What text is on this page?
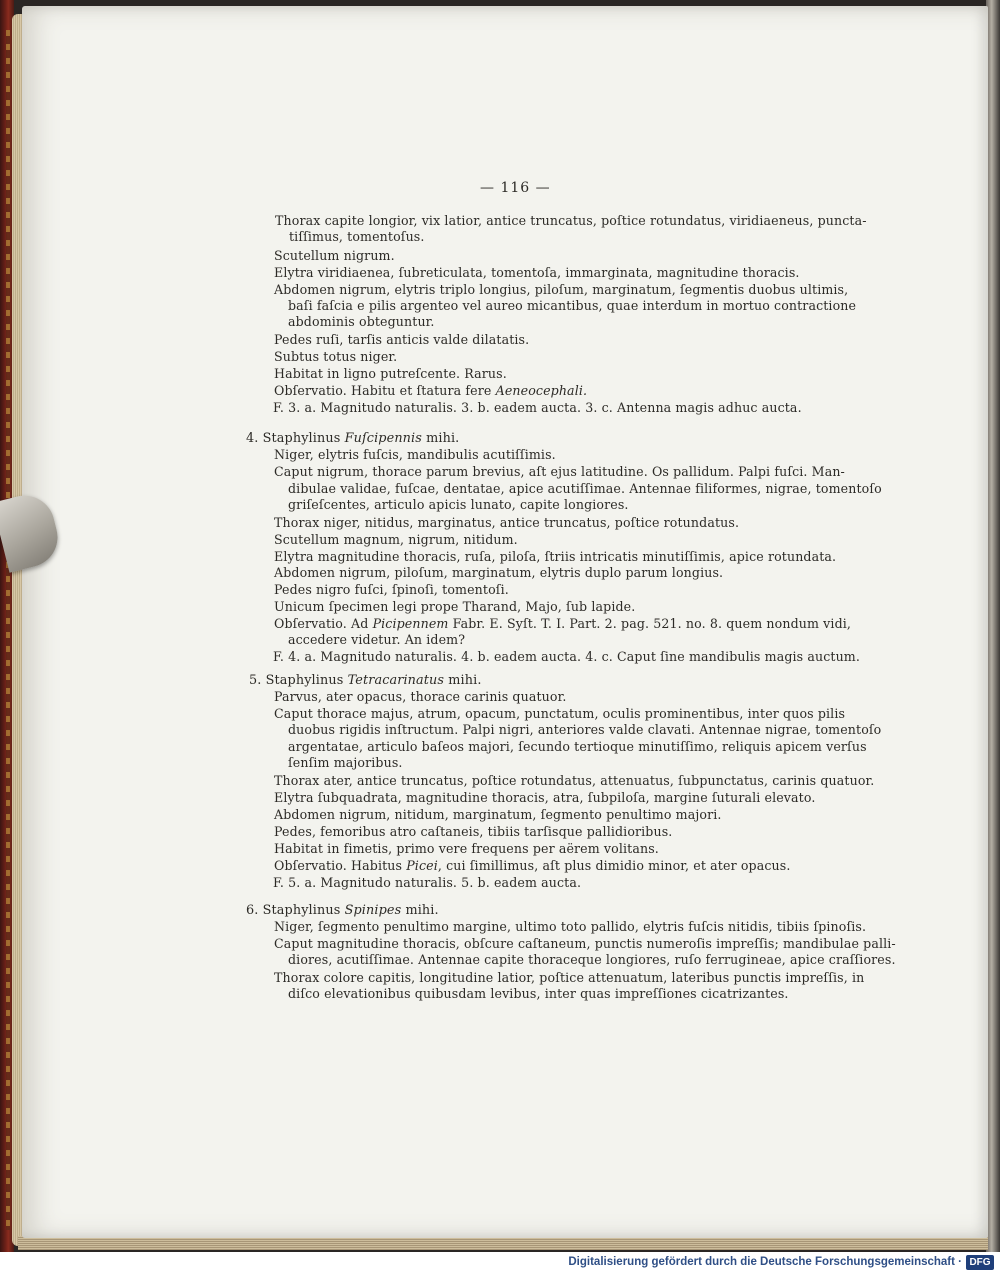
— 116 —

Thorax capite longior, vix latior, antice truncatus, poſtice rotundatus, viridiaeneus, puncta-

tiſſimus, tomentoſus.

Scutellum nigrum.

Elytra viridiaenea, ſubreticulata, tomentoſa, immarginata, magnitudine thoracis.

Abdomen nigrum, elytris triplo longius, piloſum, marginatum, ſegmentis duobus ultimis,

baſi faſcia e pilis argenteo vel aureo micantibus, quae interdum in mortuo contractione

abdominis obteguntur.

Pedes ruſi, tarſis anticis valde dilatatis.

Subtus totus niger.

Habitat in ligno putreſcente. Rarus.

Obſervatio. Habitu et ſtatura fere Aeneocephali.

F. 3. a. Magnitudo naturalis. 3. b. eadem aucta. 3. c. Antenna magis adhuc aucta.

4. Staphylinus Fuſcipennis mihi.

Niger, elytris fuſcis, mandibulis acutiſſimis.

Caput nigrum, thorace parum brevius, aſt ejus latitudine. Os pallidum. Palpi fuſci. Man-

dibulae validae, fuſcae, dentatae, apice acutiſſimae. Antennae filiformes, nigrae, tomentoſo

griſeſcentes, articulo apicis lunato, capite longiores.

Thorax niger, nitidus, marginatus, antice truncatus, poſtice rotundatus.

Scutellum magnum, nigrum, nitidum.

Elytra magnitudine thoracis, ruſa, piloſa, ſtriis intricatis minutiſſimis, apice rotundata.

Abdomen nigrum, piloſum, marginatum, elytris duplo parum longius.

Pedes nigro fuſci, ſpinoſi, tomentoſi.

Unicum ſpecimen legi prope Tharand, Majo, ſub lapide.

Obſervatio. Ad Picipennem Fabr. E. Syſt. T. I. Part. 2. pag. 521. no. 8. quem nondum vidi,

accedere videtur. An idem?

F. 4. a. Magnitudo naturalis. 4. b. eadem aucta. 4. c. Caput ſine mandibulis magis auctum.

5. Staphylinus Tetracarinatus mihi.

Parvus, ater opacus, thorace carinis quatuor.

Caput thorace majus, atrum, opacum, punctatum, oculis prominentibus, inter quos pilis

duobus rigidis inſtructum. Palpi nigri, anteriores valde clavati. Antennae nigrae, tomentoſo

argentatae, articulo baſeos majori, ſecundo tertioque minutiſſimo, reliquis apicem verſus

ſenſim majoribus.

Thorax ater, antice truncatus, poſtice rotundatus, attenuatus, ſubpunctatus, carinis quatuor.

Elytra ſubquadrata, magnitudine thoracis, atra, ſubpiloſa, margine ſuturali elevato.

Abdomen nigrum, nitidum, marginatum, ſegmento penultimo majori.

Pedes, femoribus atro caſtaneis, tibiis tarſisque pallidioribus.

Habitat in fimetis, primo vere frequens per aërem volitans.

Obſervatio. Habitus Picei, cui ſimillimus, aſt plus dimidio minor, et ater opacus.

F. 5. a. Magnitudo naturalis. 5. b. eadem aucta.

6. Staphylinus Spinipes mihi.

Niger, ſegmento penultimo margine, ultimo toto pallido, elytris fuſcis nitidis, tibiis ſpinoſis.

Caput magnitudine thoracis, obſcure caſtaneum, punctis numeroſis impreſſis; mandibulae palli-

diores, acutiſſimae. Antennae capite thoraceque longiores, ruſo ferrugineae, apice craſſiores.

Thorax colore capitis, longitudine latior, poſtice attenuatum, lateribus punctis impreſſis, in

diſco elevationibus quibusdam levibus, inter quas impreſſiones cicatrizantes.

Digitalisierung gefördert durch die Deutsche Forschungsgemeinschaft · DFG
